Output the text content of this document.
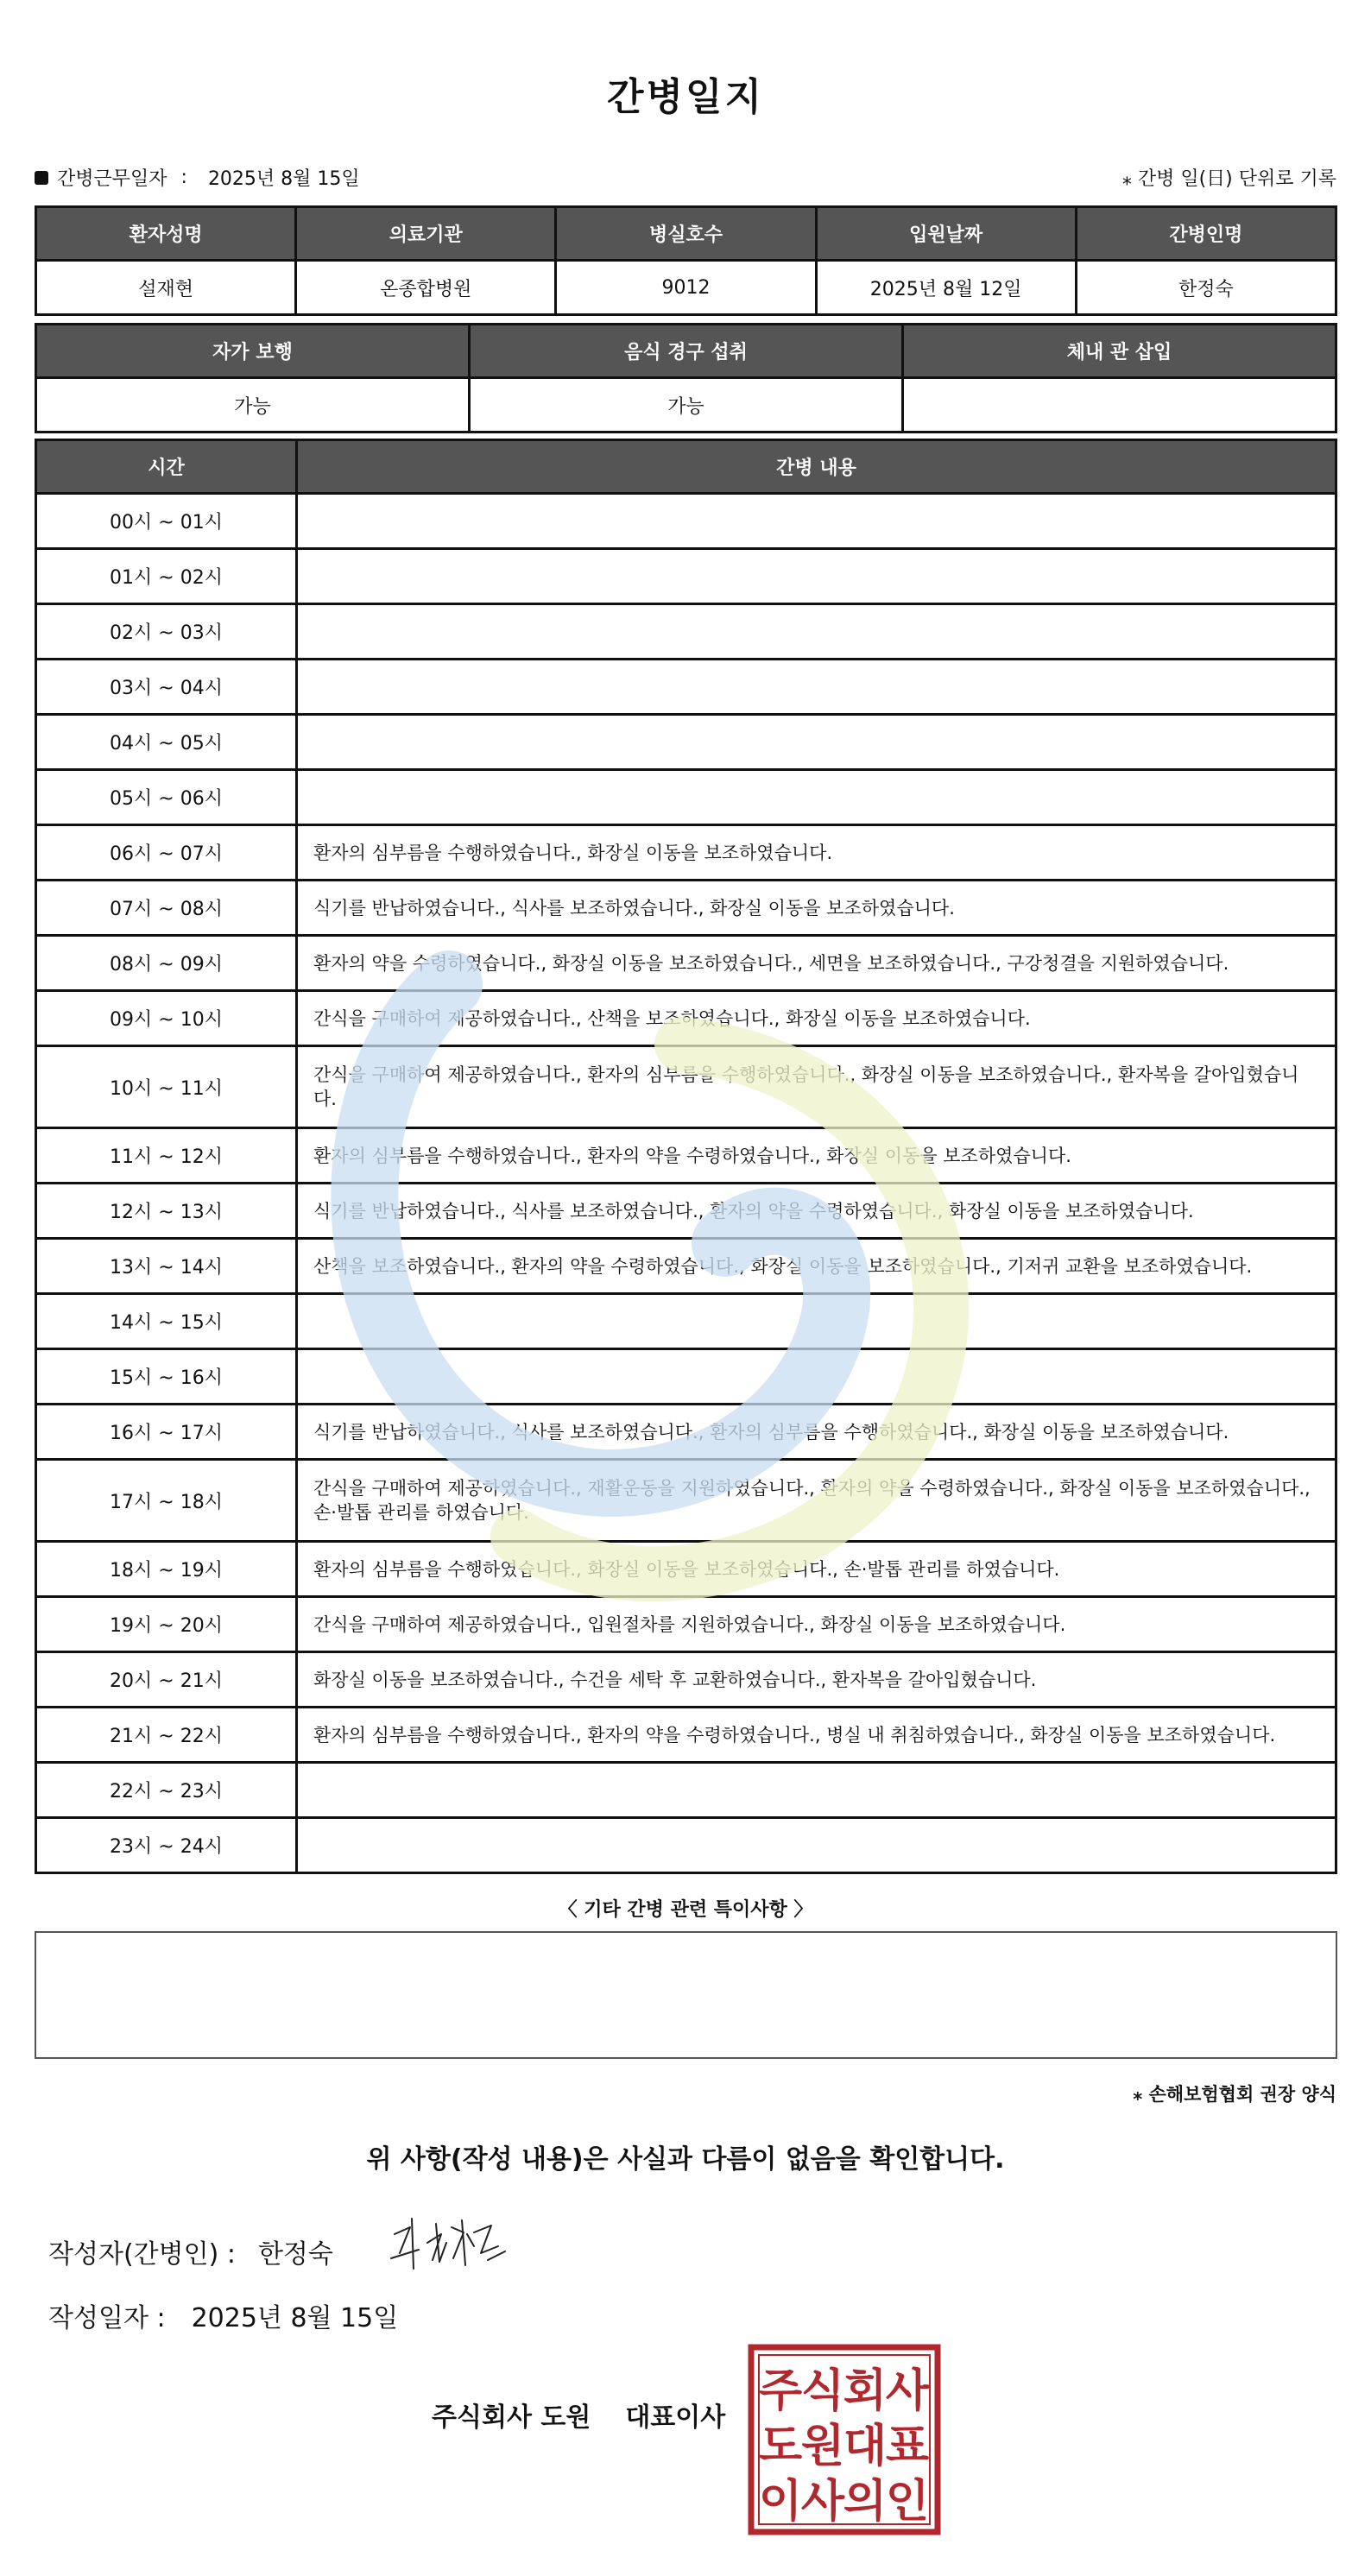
간병일지
간병근무일자 : 2025년 8월 15일	⁎ 간병 일(日) 단위로 기록
환자성명	의료기관	병실호수	입원날짜	간병인명
설재현	온종합병원	9012	2025년 8월 12일	한정숙
자가 보행	음식 경구 섭취	체내 관 삽입
가능	가능	
시간	간병 내용
00시 ~ 01시	
01시 ~ 02시	
02시 ~ 03시	
03시 ~ 04시	
04시 ~ 05시	
05시 ~ 06시	
06시 ~ 07시	환자의 심부름을 수행하였습니다., 화장실 이동을 보조하였습니다.
07시 ~ 08시	식기를 반납하였습니다., 식사를 보조하였습니다., 화장실 이동을 보조하였습니다.
08시 ~ 09시	환자의 약을 수령하였습니다., 화장실 이동을 보조하였습니다., 세면을 보조하였습니다., 구강청결을 지원하였습니다.
09시 ~ 10시	간식을 구매하여 제공하였습니다., 산책을 보조하였습니다., 화장실 이동을 보조하였습니다.
10시 ~ 11시	간식을 구매하여 제공하였습니다., 환자의 심부름을 수행하였습니다., 화장실 이동을 보조하였습니다., 환자복을 갈아입혔습니다.
11시 ~ 12시	환자의 심부름을 수행하였습니다., 환자의 약을 수령하였습니다., 화장실 이동을 보조하였습니다.
12시 ~ 13시	식기를 반납하였습니다., 식사를 보조하였습니다., 환자의 약을 수령하였습니다., 화장실 이동을 보조하였습니다.
13시 ~ 14시	산책을 보조하였습니다., 환자의 약을 수령하였습니다., 화장실 이동을 보조하였습니다., 기저귀 교환을 보조하였습니다.
14시 ~ 15시	
15시 ~ 16시	
16시 ~ 17시	식기를 반납하였습니다., 식사를 보조하였습니다., 환자의 심부름을 수행하였습니다., 화장실 이동을 보조하였습니다.
17시 ~ 18시	간식을 구매하여 제공하였습니다., 재활운동을 지원하였습니다., 환자의 약을 수령하였습니다., 화장실 이동을 보조하였습니다., 손·발톱 관리를 하였습니다.
18시 ~ 19시	환자의 심부름을 수행하였습니다., 화장실 이동을 보조하였습니다., 손·발톱 관리를 하였습니다.
19시 ~ 20시	간식을 구매하여 제공하였습니다., 입원절차를 지원하였습니다., 화장실 이동을 보조하였습니다.
20시 ~ 21시	화장실 이동을 보조하였습니다., 수건을 세탁 후 교환하였습니다., 환자복을 갈아입혔습니다.
21시 ~ 22시	환자의 심부름을 수행하였습니다., 환자의 약을 수령하였습니다., 병실 내 취침하였습니다., 화장실 이동을 보조하였습니다.
22시 ~ 23시	
23시 ~ 24시	
〈 기타 간병 관련 특이사항 〉
⁎ 손해보험협회 권장 양식
위 사항(작성 내용)은 사실과 다름이 없음을 확인합니다.
작성자(간병인) : 한정숙
작성일자 : 2025년 8월 15일
주식회사 도원 대표이사
주
식
회
사
도
원
대
표
이
사
의
인
